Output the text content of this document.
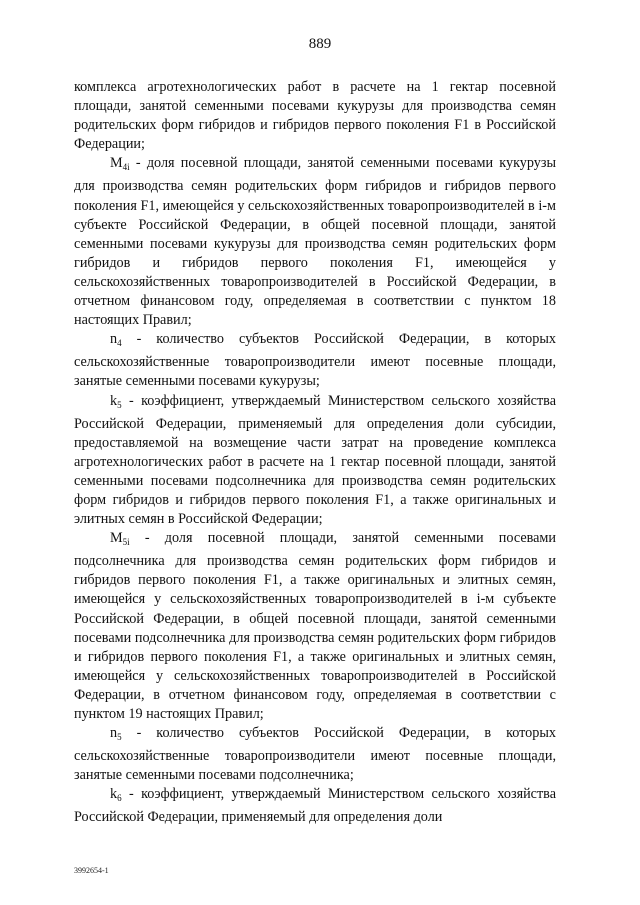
889

комплекса агротехнологических работ в расчете на 1 гектар посевной площади, занятой семенными посевами кукурузы для производства семян родительских форм гибридов и гибридов первого поколения F1 в Российской Федерации;

$M_{4i}$ - доля посевной площади, занятой семенными посевами кукурузы для производства семян родительских форм гибридов и гибридов первого поколения F1, имеющейся у сельскохозяйственных товаропроизводителей в i-м субъекте Российской Федерации, в общей посевной площади, занятой семенными посевами кукурузы для производства семян родительских форм гибридов и гибридов первого поколения F1, имеющейся у сельскохозяйственных товаропроизводителей в Российской Федерации, в отчетном финансовом году, определяемая в соответствии с пунктом 18 настоящих Правил;

$n_4$ - количество субъектов Российской Федерации, в которых сельскохозяйственные товаропроизводители имеют посевные площади, занятые семенными посевами кукурузы;

$k_5$ - коэффициент, утверждаемый Министерством сельского хозяйства Российской Федерации, применяемый для определения доли субсидии, предоставляемой на возмещение части затрат на проведение комплекса агротехнологических работ в расчете на 1 гектар посевной площади, занятой семенными посевами подсолнечника для производства семян родительских форм гибридов и гибридов первого поколения F1, а также оригинальных и элитных семян в Российской Федерации;

$M_{5i}$ - доля посевной площади, занятой семенными посевами подсолнечника для производства семян родительских форм гибридов и гибридов первого поколения F1, а также оригинальных и элитных семян, имеющейся у сельскохозяйственных товаропроизводителей в i-м субъекте Российской Федерации, в общей посевной площади, занятой семенными посевами подсолнечника для производства семян родительских форм гибридов и гибридов первого поколения F1, а также оригинальных и элитных семян, имеющейся у сельскохозяйственных товаропроизводителей в Российской Федерации, в отчетном финансовом году, определяемая в соответствии с пунктом 19 настоящих Правил;

$n_5$ - количество субъектов Российской Федерации, в которых сельскохозяйственные товаропроизводители имеют посевные площади, занятые семенными посевами подсолнечника;

$k_6$ - коэффициент, утверждаемый Министерством сельского хозяйства Российской Федерации, применяемый для определения доли

3992654-1
